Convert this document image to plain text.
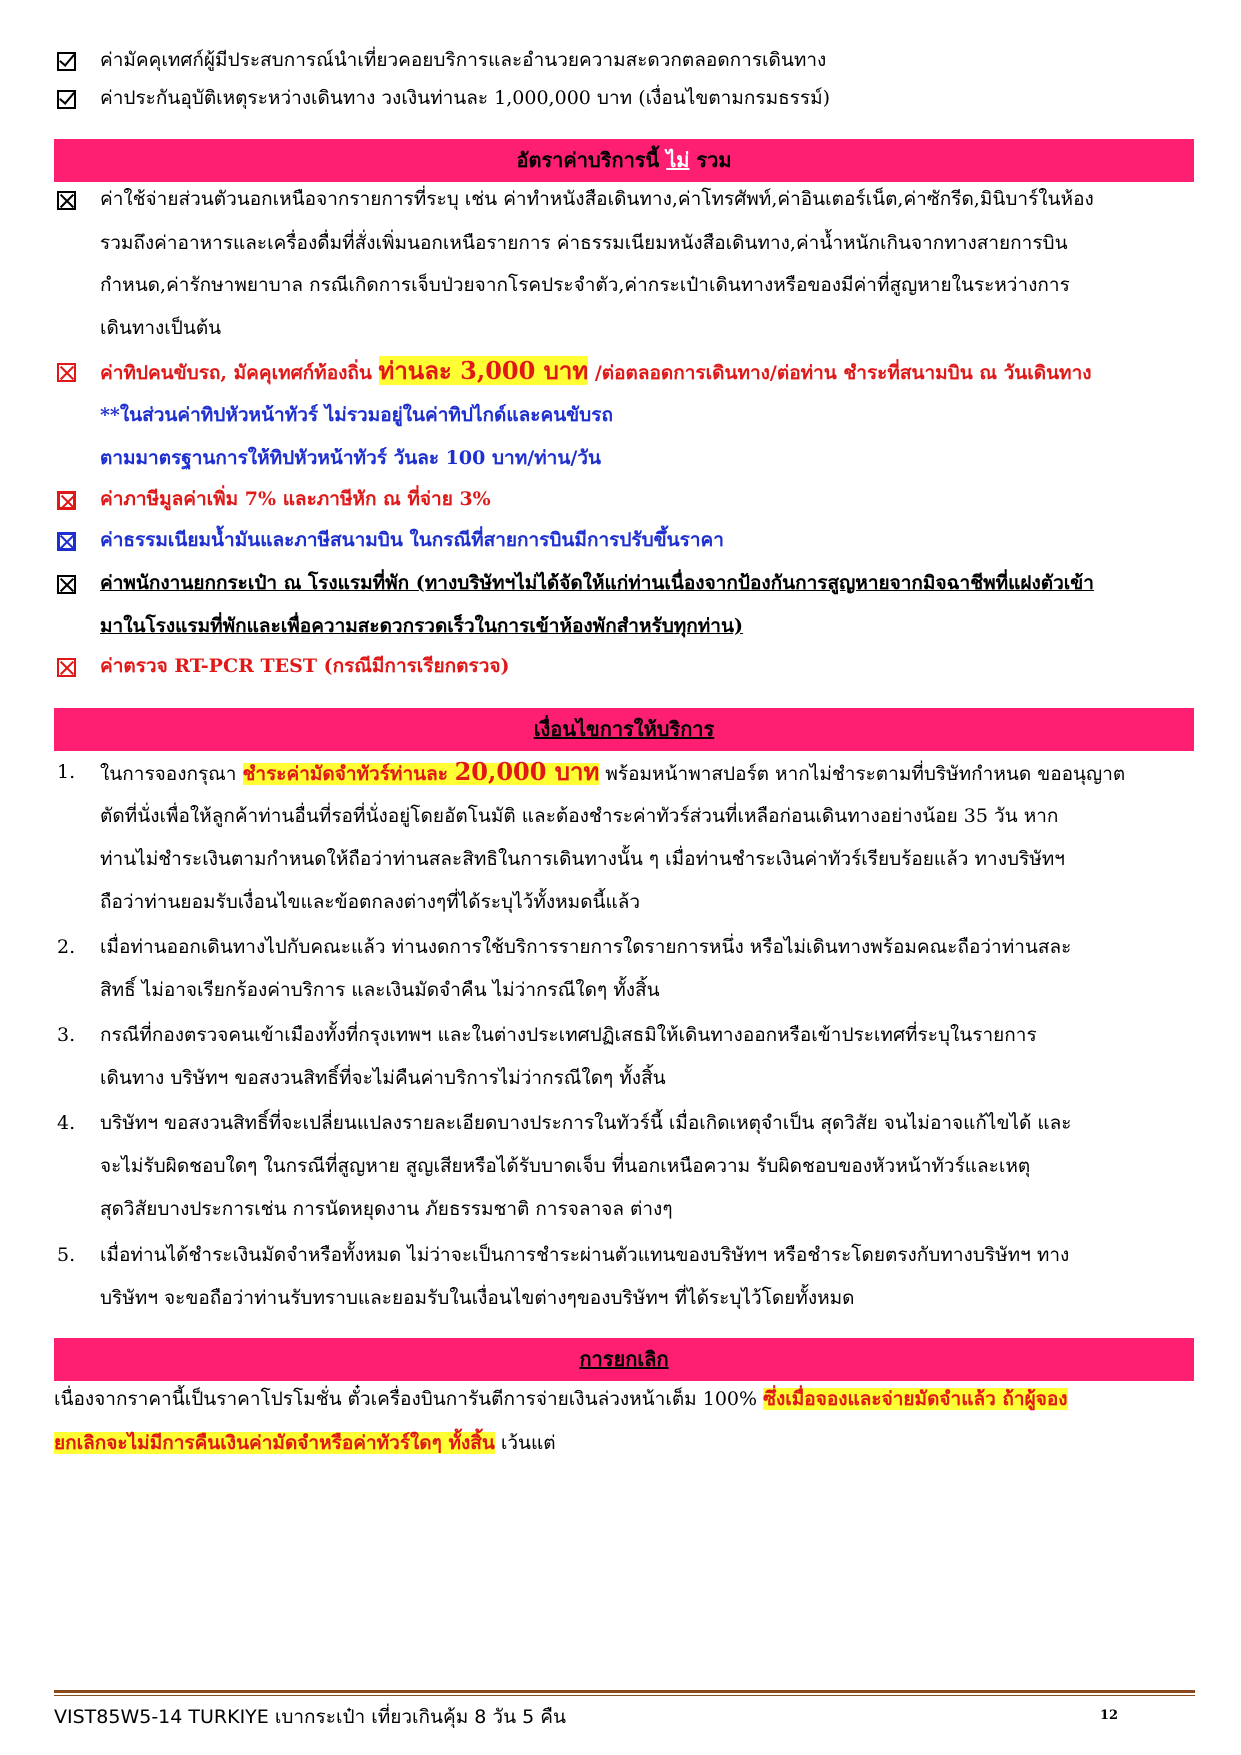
ค่ามัคคุเทศก์ผู้มีประสบการณ์นำเที่ยวคอยบริการและอำนวยความสะดวกตลอดการเดินทาง
ค่าประกันอุบัติเหตุระหว่างเดินทาง วงเงินท่านละ 1,000,000 บาท (เงื่อนไขตามกรมธรรม์)
อัตราค่าบริการนี้ ไม่ รวม
ค่าใช้จ่ายส่วนตัวนอกเหนือจากรายการที่ระบุ เช่น ค่าทำหนังสือเดินทาง,ค่าโทรศัพท์,ค่าอินเตอร์เน็ต,ค่าซักรีด,มินิบาร์ในห้อง
รวมถึงค่าอาหารและเครื่องดื่มที่สั่งเพิ่มนอกเหนือรายการ ค่าธรรมเนียมหนังสือเดินทาง,ค่าน้ำหนักเกินจากทางสายการบิน
กำหนด,ค่ารักษาพยาบาล กรณีเกิดการเจ็บป่วยจากโรคประจำตัว,ค่ากระเป๋าเดินทางหรือของมีค่าที่สูญหายในระหว่างการ
เดินทางเป็นต้น
ค่าทิปคนขับรถ, มัคคุเทศก์ท้องถิ่น ท่านละ 3,000 บาท /ต่อตลอดการเดินทาง/ต่อท่าน ชำระที่สนามบิน ณ วันเดินทาง
**ในส่วนค่าทิปหัวหน้าทัวร์ ไม่รวมอยู่ในค่าทิปไกด์และคนขับรถ
ตามมาตรฐานการให้ทิปหัวหน้าทัวร์ วันละ 100 บาท/ท่าน/วัน
ค่าภาษีมูลค่าเพิ่ม 7% และภาษีหัก ณ ที่จ่าย 3%
ค่าธรรมเนียมน้ำมันและภาษีสนามบิน ในกรณีที่สายการบินมีการปรับขึ้นราคา
ค่าพนักงานยกกระเป๋า ณ โรงแรมที่พัก (ทางบริษัทฯไม่ได้จัดให้แก่ท่านเนื่องจากป้องกันการสูญหายจากมิจฉาชีพที่แฝงตัวเข้า
มาในโรงแรมที่พักและเพื่อความสะดวกรวดเร็วในการเข้าห้องพักสำหรับทุกท่าน)
ค่าตรวจ RT-PCR TEST (กรณีมีการเรียกตรวจ)
เงื่อนไขการให้บริการ
1. ในการจองกรุณา ชำระค่ามัดจำทัวร์ท่านละ 20,000 บาท พร้อมหน้าพาสปอร์ต หากไม่ชำระตามที่บริษัทกำหนด ขออนุญาต
ตัดที่นั่งเพื่อให้ลูกค้าท่านอื่นที่รอที่นั่งอยู่โดยอัตโนมัติ และต้องชำระค่าทัวร์ส่วนที่เหลือก่อนเดินทางอย่างน้อย 35 วัน หาก
ท่านไม่ชำระเงินตามกำหนดให้ถือว่าท่านสละสิทธิในการเดินทางนั้น ๆ เมื่อท่านชำระเงินค่าทัวร์เรียบร้อยแล้ว ทางบริษัทฯ
ถือว่าท่านยอมรับเงื่อนไขและข้อตกลงต่างๆที่ได้ระบุไว้ทั้งหมดนี้แล้ว
2. เมื่อท่านออกเดินทางไปกับคณะแล้ว ท่านงดการใช้บริการรายการใดรายการหนึ่ง หรือไม่เดินทางพร้อมคณะถือว่าท่านสละ
สิทธิ์ ไม่อาจเรียกร้องค่าบริการ และเงินมัดจำคืน ไม่ว่ากรณีใดๆ ทั้งสิ้น
3. กรณีที่กองตรวจคนเข้าเมืองทั้งที่กรุงเทพฯ และในต่างประเทศปฏิเสธมิให้เดินทางออกหรือเข้าประเทศที่ระบุในรายการ
เดินทาง บริษัทฯ ขอสงวนสิทธิ์ที่จะไม่คืนค่าบริการไม่ว่ากรณีใดๆ ทั้งสิ้น
4. บริษัทฯ ขอสงวนสิทธิ์ที่จะเปลี่ยนแปลงรายละเอียดบางประการในทัวร์นี้ เมื่อเกิดเหตุจำเป็น สุดวิสัย จนไม่อาจแก้ไขได้ และ
จะไม่รับผิดชอบใดๆ ในกรณีที่สูญหาย สูญเสียหรือได้รับบาดเจ็บ ที่นอกเหนือความ รับผิดชอบของหัวหน้าทัวร์และเหตุ
สุดวิสัยบางประการเช่น การนัดหยุดงาน ภัยธรรมชาติ การจลาจล ต่างๆ
5. เมื่อท่านได้ชำระเงินมัดจำหรือทั้งหมด ไม่ว่าจะเป็นการชำระผ่านตัวแทนของบริษัทฯ หรือชำระโดยตรงกับทางบริษัทฯ ทาง
บริษัทฯ จะขอถือว่าท่านรับทราบและยอมรับในเงื่อนไขต่างๆของบริษัทฯ ที่ได้ระบุไว้โดยทั้งหมด
การยกเลิก
เนื่องจากราคานี้เป็นราคาโปรโมชั่น ตั๋วเครื่องบินการันตีการจ่ายเงินล่วงหน้าเต็ม 100% ซึ่งเมื่อจองและจ่ายมัดจำแล้ว ถ้าผู้จอง
ยกเลิกจะไม่มีการคืนเงินค่ามัดจำหรือค่าทัวร์ใดๆ ทั้งสิ้น เว้นแต่
VIST85W5-14 TURKIYE เบากระเป๋า เที่ยวเกินคุ้ม 8 วัน 5 คืน	12
